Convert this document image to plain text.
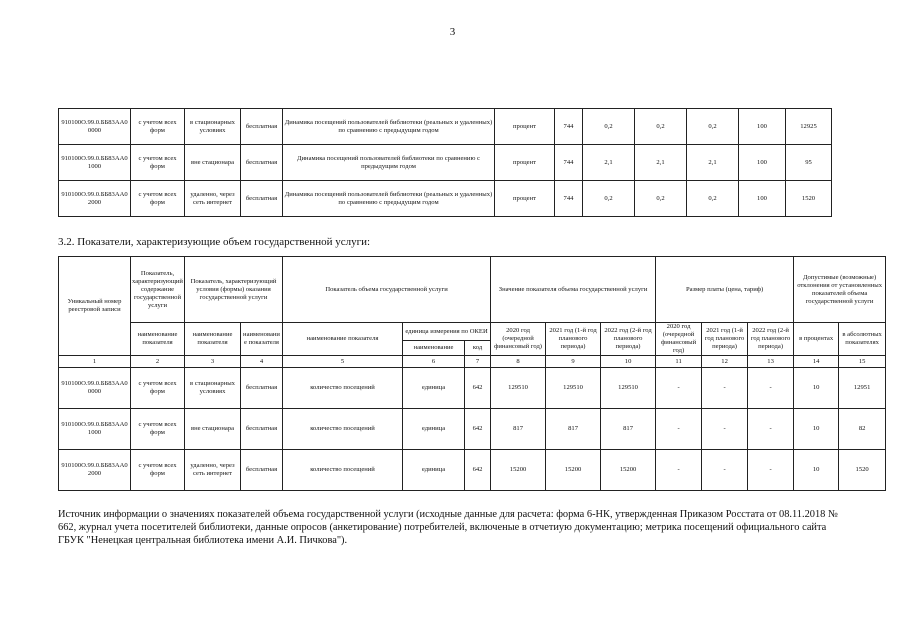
3
910100О.99.0.ББ83АА00000	с учетом всех форм	в стационарных условиях	бесплатная	Динамика посещений пользователей библиотеки (реальных и удаленных) по сравнению с предыдущим годом	процент	744	0,2	0,2	0,2	100	12925
910100О.99.0.ББ83АА01000	с учетом всех форм	вне стационара	бесплатная	Динамика посещений пользователей библиотеки по сравнению с предыдущим годом	процент	744	2,1	2,1	2,1	100	95
910100О.99.0.ББ83АА02000	с учетом всех форм	удаленно, через сеть интернет	бесплатная	Динамика посещений пользователей библиотеки (реальных и удаленных) по сравнению с предыдущим годом	процент	744	0,2	0,2	0,2	100	1520

3.2. Показатели, характеризующие объем государственной услуги:

Уникальный номер реестровой записи	Показатель, характеризующий содержание государственной услуги	Показатель, характеризующий условия (формы) оказания государственной услуги		Показатель объема государственной услуги			Значение показателя объема государственной услуги			Размер платы (цена, тариф)			Допустимые (возможные) отклонения от установленных показателей объема государственной услуги	
	наименование показателя	наименование показателя	наименование показателя	наименование показателя	единица измерения по ОКЕИ		2020 год (очередной финансовый год)	2021 год (1-й год планового периода)	2022 год (2-й год планового периода)	2020 год (очередной финансовый год)	2021 год (1-й год планового периода)	2022 год (2-й год планового периода)	в процентах	в абсолютных показателях
					наименование	код								
1	2	3	4	5	6	7	8	9	10	11	12	13	14	15
910100О.99.0.ББ83АА00000	с учетом всех форм	в стационарных условиях	бесплатная	количество посещений	единица	642	129510	129510	129510	-	-	-	10	12951
910100О.99.0.ББ83АА01000	с учетом всех форм	вне стационара	бесплатная	количество посещений	единица	642	817	817	817	-	-	-	10	82
910100О.99.0.ББ83АА02000	с учетом всех форм	удаленно, через сеть интернет	бесплатная	количество посещений	единица	642	15200	15200	15200	-	-	-	10	1520

Источник информации о значениях показателей объема государственной услуги (исходные данные для расчета: форма 6-НК, утвержденная Приказом Росстата от 08.11.2018 № 662, журнал учета посетителей библиотеки, данные опросов (анкетирование) потребителей, включеные в отчетиую документацию; метрика посещений официального сайта ГБУК "Ненецкая центральная библиотека имени А.И. Пичкова").
